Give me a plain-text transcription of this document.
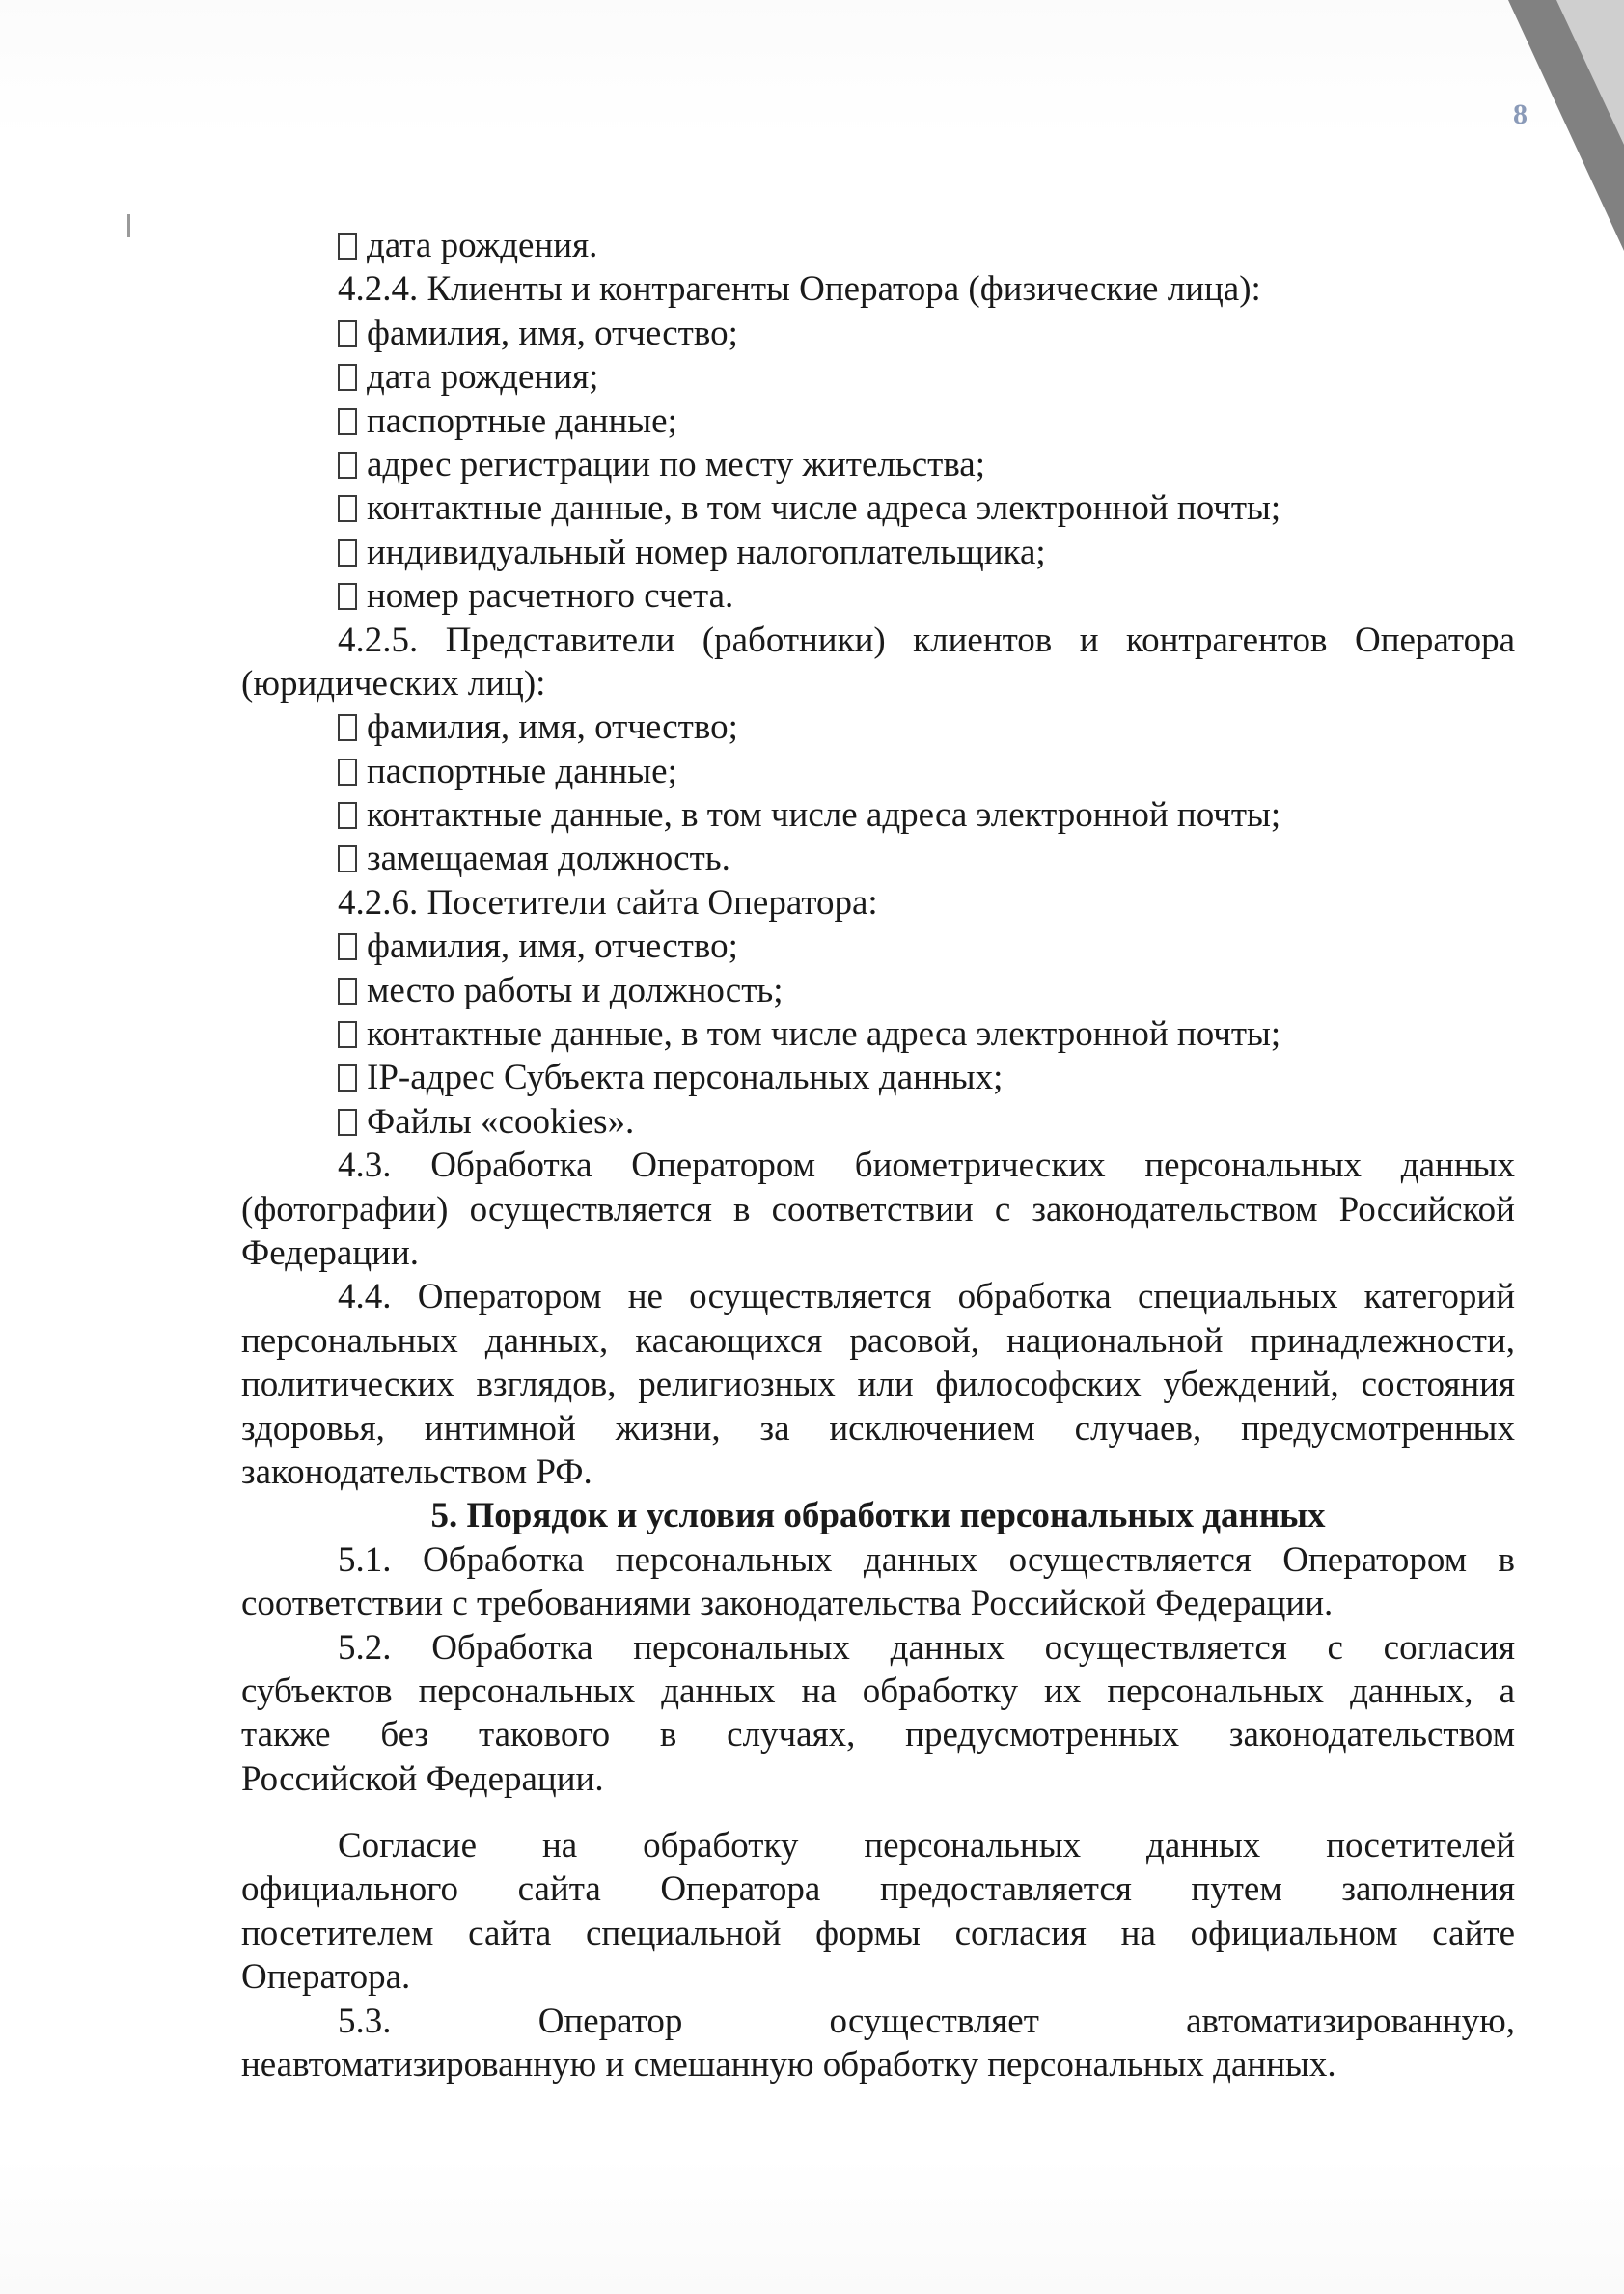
8
дата рождения.
4.2.4. Клиенты и контрагенты Оператора (физические лица):
фамилия, имя, отчество;
дата рождения;
паспортные данные;
адрес регистрации по месту жительства;
контактные данные, в том числе адреса электронной почты;
индивидуальный номер налогоплательщика;
номер расчетного счета.
4.2.5. Представители (работники) клиентов и контрагентов Оператора
(юридических лиц):
фамилия, имя, отчество;
паспортные данные;
контактные данные, в том числе адреса электронной почты;
замещаемая должность.
4.2.6. Посетители сайта Оператора:
фамилия, имя, отчество;
место работы и должность;
контактные данные, в том числе адреса электронной почты;
IP-адрес Субъекта персональных данных;
Файлы «cookies».
4.3. Обработка Оператором биометрических персональных данных
(фотографии) осуществляется в соответствии с законодательством Российской
Федерации.
4.4. Оператором не осуществляется обработка специальных категорий
персональных данных, касающихся расовой, национальной принадлежности,
политических взглядов, религиозных или философских убеждений, состояния
здоровья, интимной жизни, за исключением случаев, предусмотренных
законодательством РФ.
5. Порядок и условия обработки персональных данных
5.1. Обработка персональных данных осуществляется Оператором в
соответствии с требованиями законодательства Российской Федерации.
5.2. Обработка персональных данных осуществляется с согласия
субъектов персональных данных на обработку их персональных данных, а
также без такового в случаях, предусмотренных законодательством
Российской Федерации.
Согласие на обработку персональных данных посетителей
официального сайта Оператора предоставляется путем заполнения
посетителем сайта специальной формы согласия на официальном сайте
Оператора.
5.3. Оператор осуществляет автоматизированную,
неавтоматизированную и смешанную обработку персональных данных.
